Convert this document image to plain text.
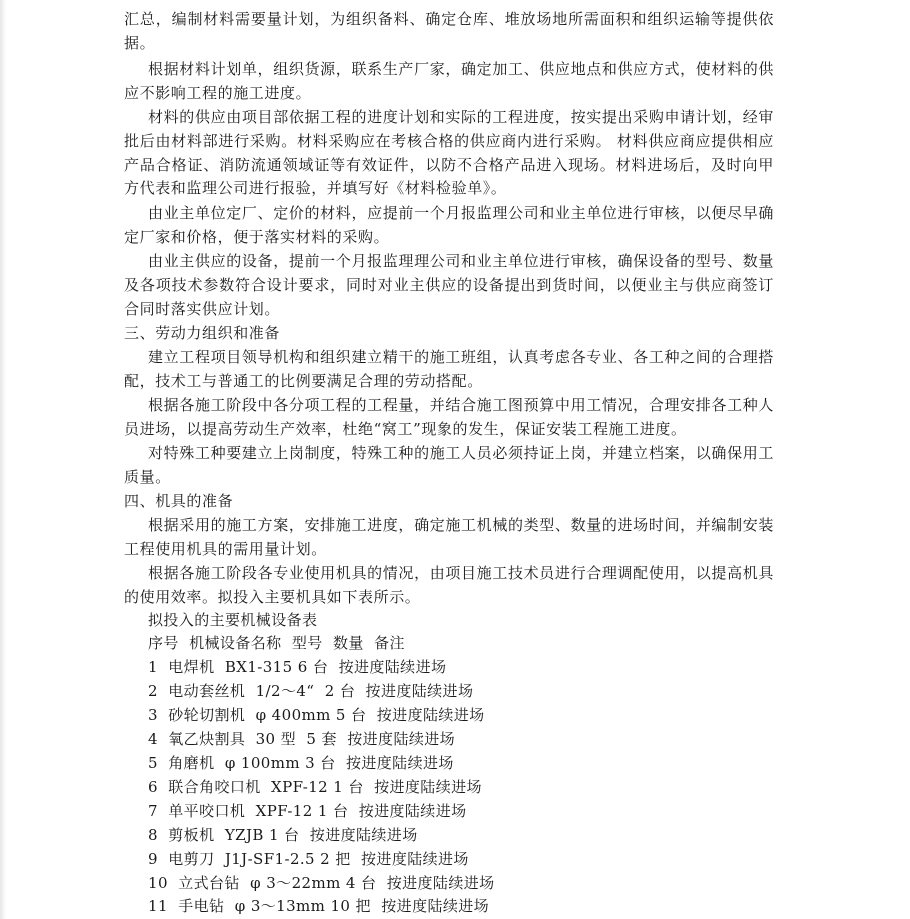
汇总，编制材料需要量计划，为组织备料、确定仓库、堆放场地所需面积和组织运输等提供依据。

根据材料计划单，组织货源，联系生产厂家，确定加工、供应地点和供应方式，使材料的供应不影响工程的施工进度。

材料的供应由项目部依据工程的进度计划和实际的工程进度，按实提出采购申请计划，经审批后由材料部进行采购。材料采购应在考核合格的供应商内进行采购。 材料供应商应提供相应产品合格证、消防流通领域证等有效证件，以防不合格产品进入现场。材料进场后，及时向甲方代表和监理公司进行报验，并填写好《材料检验单》。

由业主单位定厂、定价的材料，应提前一个月报监理公司和业主单位进行审核，以便尽早确定厂家和价格，便于落实材料的采购。

由业主供应的设备，提前一个月报监理理公司和业主单位进行审核，确保设备的型号、数量及各项技术参数符合设计要求，同时对业主供应的设备提出到货时间，以便业主与供应商签订合同时落实供应计划。

三、劳动力组织和准备

建立工程项目领导机构和组织建立精干的施工班组，认真考虑各专业、各工种之间的合理搭配，技术工与普通工的比例要满足合理的劳动搭配。

根据各施工阶段中各分项工程的工程量，并结合施工图预算中用工情况，合理安排各工种人员进场，以提高劳动生产效率，杜绝“窝工”现象的发生，保证安装工程施工进度。

对特殊工种要建立上岗制度，特殊工种的施工人员必须持证上岗，并建立档案，以确保用工质量。

四、机具的准备

根据采用的施工方案，安排施工进度，确定施工机械的类型、数量的进场时间，并编制安装工程使用机具的需用量计划。

根据各施工阶段各专业使用机具的情况，由项目施工技术员进行合理调配使用，以提高机具的使用效率。拟投入主要机具如下表所示。

拟投入的主要机械设备表

序号  机械设备名称  型号  数量  备注

1  电焊机  BX1-315 6 台  按进度陆续进场

2  电动套丝机  1/2～4“  2 台  按进度陆续进场

3  砂轮切割机  φ 400mm 5 台  按进度陆续进场

4  氧乙炔割具  30 型  5 套  按进度陆续进场

5  角磨机  φ 100mm 3 台  按进度陆续进场

6  联合角咬口机  XPF-12 1 台  按进度陆续进场

7  单平咬口机  XPF-12 1 台  按进度陆续进场

8  剪板机  YZJB 1 台  按进度陆续进场

9  电剪刀  J1J-SF1-2.5 2 把  按进度陆续进场

10  立式台钻  φ 3～22mm 4 台  按进度陆续进场

11  手电钻  φ 3～13mm 10 把  按进度陆续进场
